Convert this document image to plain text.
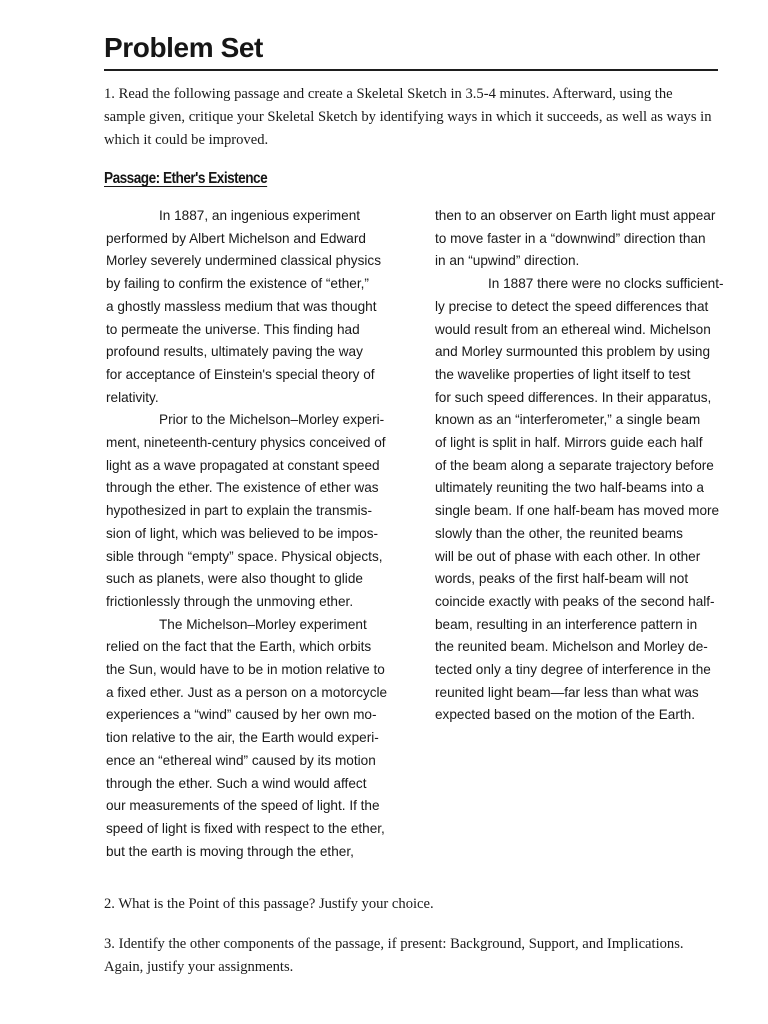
Problem Set

1. Read the following passage and create a Skeletal Sketch in 3.5-4 minutes. Afterward, using the
sample given, critique your Skeletal Sketch by identifying ways in which it succeeds, as well as ways in
which it could be improved.

Passage: Ether's Existence
In 1887, an ingenious experiment
performed by Albert Michelson and Edward
Morley severely undermined classical physics
by failing to confirm the existence of “ether,”
a ghostly massless medium that was thought
to permeate the universe. This finding had
profound results, ultimately paving the way
for acceptance of Einstein's special theory of
relativity.
Prior to the Michelson–Morley experi-
ment, nineteenth-century physics conceived of
light as a wave propagated at constant speed
through the ether. The existence of ether was
hypothesized in part to explain the transmis-
sion of light, which was believed to be impos-
sible through “empty” space. Physical objects,
such as planets, were also thought to glide
frictionlessly through the unmoving ether.
The Michelson–Morley experiment
relied on the fact that the Earth, which orbits
the Sun, would have to be in motion relative to
a fixed ether. Just as a person on a motorcycle
experiences a “wind” caused by her own mo-
tion relative to the air, the Earth would experi-
ence an “ethereal wind” caused by its motion
through the ether. Such a wind would affect
our measurements of the speed of light. If the
speed of light is fixed with respect to the ether,
but the earth is moving through the ether,
then to an observer on Earth light must appear
to move faster in a “downwind” direction than
in an “upwind” direction.
In 1887 there were no clocks sufficient-
ly precise to detect the speed differences that
would result from an ethereal wind. Michelson
and Morley surmounted this problem by using
the wavelike properties of light itself to test
for such speed differences. In their apparatus,
known as an “interferometer,” a single beam
of light is split in half. Mirrors guide each half
of the beam along a separate trajectory before
ultimately reuniting the two half-beams into a
single beam. If one half-beam has moved more
slowly than the other, the reunited beams
will be out of phase with each other. In other
words, peaks of the first half-beam will not
coincide exactly with peaks of the second half-
beam, resulting in an interference pattern in
the reunited beam. Michelson and Morley de-
tected only a tiny degree of interference in the
reunited light beam—far less than what was
expected based on the motion of the Earth.

2. What is the Point of this passage? Justify your choice.

3. Identify the other components of the passage, if present: Background, Support, and Implications.
Again, justify your assignments.
